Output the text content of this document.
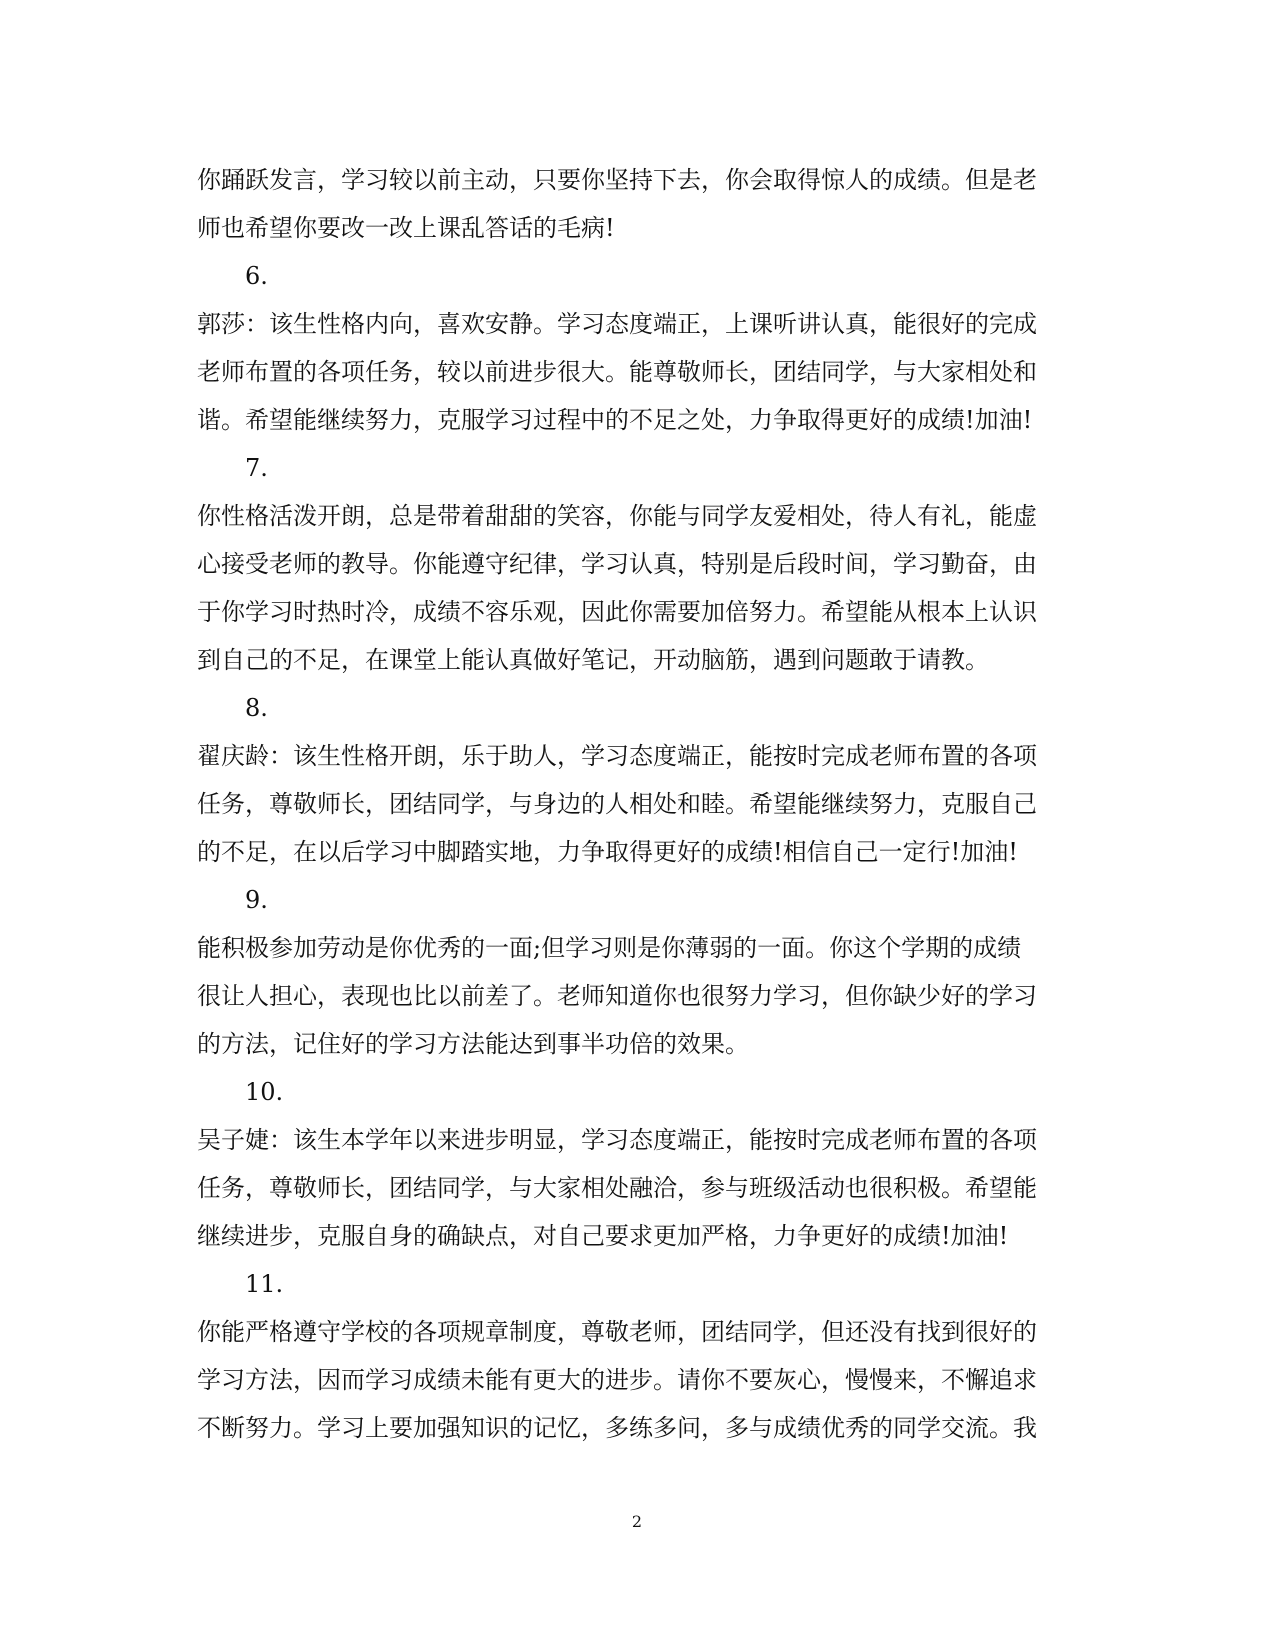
你踊跃发言，学习较以前主动，只要你坚持下去，你会取得惊人的成绩。但是老
师也希望你要改一改上课乱答话的毛病!
6.
郭莎：该生性格内向，喜欢安静。学习态度端正，上课听讲认真，能很好的完成
老师布置的各项任务，较以前进步很大。能尊敬师长，团结同学，与大家相处和
谐。希望能继续努力，克服学习过程中的不足之处，力争取得更好的成绩!加油!
7.
你性格活泼开朗，总是带着甜甜的笑容，你能与同学友爱相处，待人有礼，能虚
心接受老师的教导。你能遵守纪律，学习认真，特别是后段时间，学习勤奋，由
于你学习时热时冷，成绩不容乐观，因此你需要加倍努力。希望能从根本上认识
到自己的不足，在课堂上能认真做好笔记，开动脑筋，遇到问题敢于请教。
8.
翟庆龄：该生性格开朗，乐于助人，学习态度端正，能按时完成老师布置的各项
任务，尊敬师长，团结同学，与身边的人相处和睦。希望能继续努力，克服自己
的不足，在以后学习中脚踏实地，力争取得更好的成绩!相信自己一定行!加油!
9.
能积极参加劳动是你优秀的一面;但学习则是你薄弱的一面。你这个学期的成绩
很让人担心，表现也比以前差了。老师知道你也很努力学习，但你缺少好的学习
的方法，记住好的学习方法能达到事半功倍的效果。
10.
吴子婕：该生本学年以来进步明显，学习态度端正，能按时完成老师布置的各项
任务，尊敬师长，团结同学，与大家相处融洽，参与班级活动也很积极。希望能
继续进步，克服自身的确缺点，对自己要求更加严格，力争更好的成绩!加油!
11.
你能严格遵守学校的各项规章制度，尊敬老师，团结同学，但还没有找到很好的
学习方法，因而学习成绩未能有更大的进步。请你不要灰心，慢慢来，不懈追求
不断努力。学习上要加强知识的记忆，多练多问，多与成绩优秀的同学交流。我
2
